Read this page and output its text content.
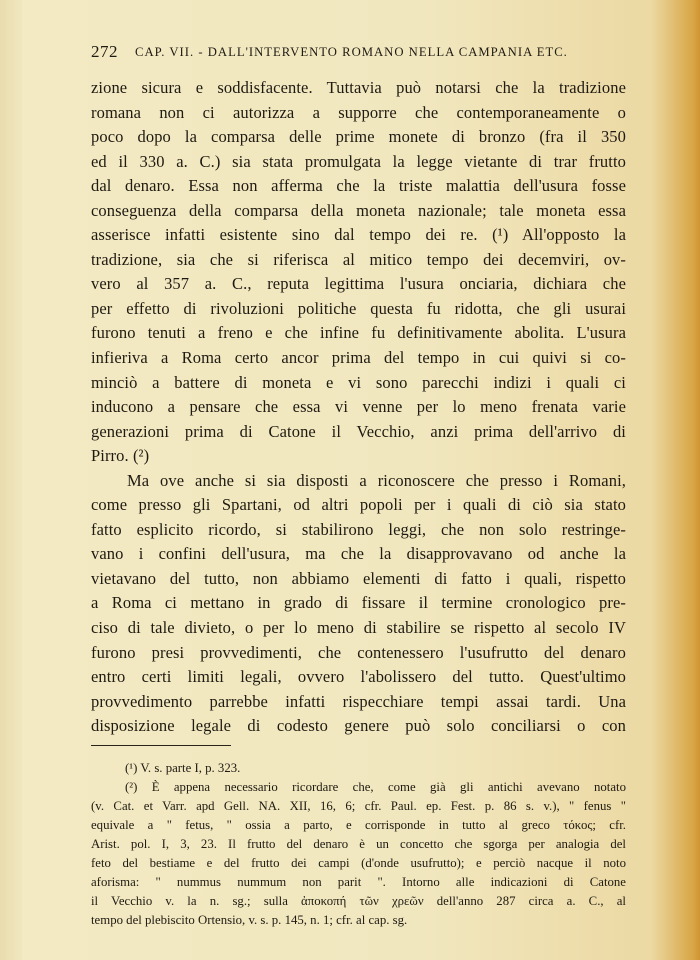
272 CAP. VII. - DALL'INTERVENTO ROMANO NELLA CAMPANIA ETC.
zione sicura e soddisfacente. Tuttavia può notarsi che la tradizione
romana non ci autorizza a supporre che contemporaneamente o
poco dopo la comparsa delle prime monete di bronzo (fra il 350
ed il 330 a. C.) sia stata promulgata la legge vietante di trar frutto
dal denaro. Essa non afferma che la triste malattia dell'usura fosse
conseguenza della comparsa della moneta nazionale; tale moneta essa
asserisce infatti esistente sino dal tempo dei re. (¹) All'opposto la
tradizione, sia che si riferisca al mitico tempo dei decemviri, ov-
vero al 357 a. C., reputa legittima l'usura onciaria, dichiara che
per effetto di rivoluzioni politiche questa fu ridotta, che gli usurai
furono tenuti a freno e che infine fu definitivamente abolita. L'usura
infieriva a Roma certo ancor prima del tempo in cui quivi si co-
minciò a battere di moneta e vi sono parecchi indizi i quali ci
inducono a pensare che essa vi venne per lo meno frenata varie
generazioni prima di Catone il Vecchio, anzi prima dell'arrivo di
Pirro. (²)
Ma ove anche si sia disposti a riconoscere che presso i Romani,
come presso gli Spartani, od altri popoli per i quali di ciò sia stato
fatto esplicito ricordo, si stabilirono leggi, che non solo restringe-
vano i confini dell'usura, ma che la disapprovavano od anche la
vietavano del tutto, non abbiamo elementi di fatto i quali, rispetto
a Roma ci mettano in grado di fissare il termine cronologico pre-
ciso di tale divieto, o per lo meno di stabilire se rispetto al secolo IV
furono presi provvedimenti, che contenessero l'usufrutto del denaro
entro certi limiti legali, ovvero l'abolissero del tutto. Quest'ultimo
provvedimento parrebbe infatti rispecchiare tempi assai tardi. Una
disposizione legale di codesto genere può solo conciliarsi o con
(¹) V. s. parte I, p. 323.
(²) È appena necessario ricordare che, come già gli antichi avevano notato
(v. Cat. et Varr. apd Gell. NA. XII, 16, 6; cfr. Paul. ep. Fest. p. 86 s. v.), " fenus "
equivale a " fetus, " ossia a parto, e corrisponde in tutto al greco τόκος; cfr.
Arist. pol. I, 3, 23. Il frutto del denaro è un concetto che sgorga per analogia del
feto del bestiame e del frutto dei campi (d'onde usufrutto); e perciò nacque il noto
aforisma: " nummus nummum non parit ". Intorno alle indicazioni di Catone
il Vecchio v. la n. sg.; sulla ἀποκοπή τῶν χρεῶν dell'anno 287 circa a. C., al
tempo del plebiscito Ortensio, v. s. p. 145, n. 1; cfr. al cap. sg.
